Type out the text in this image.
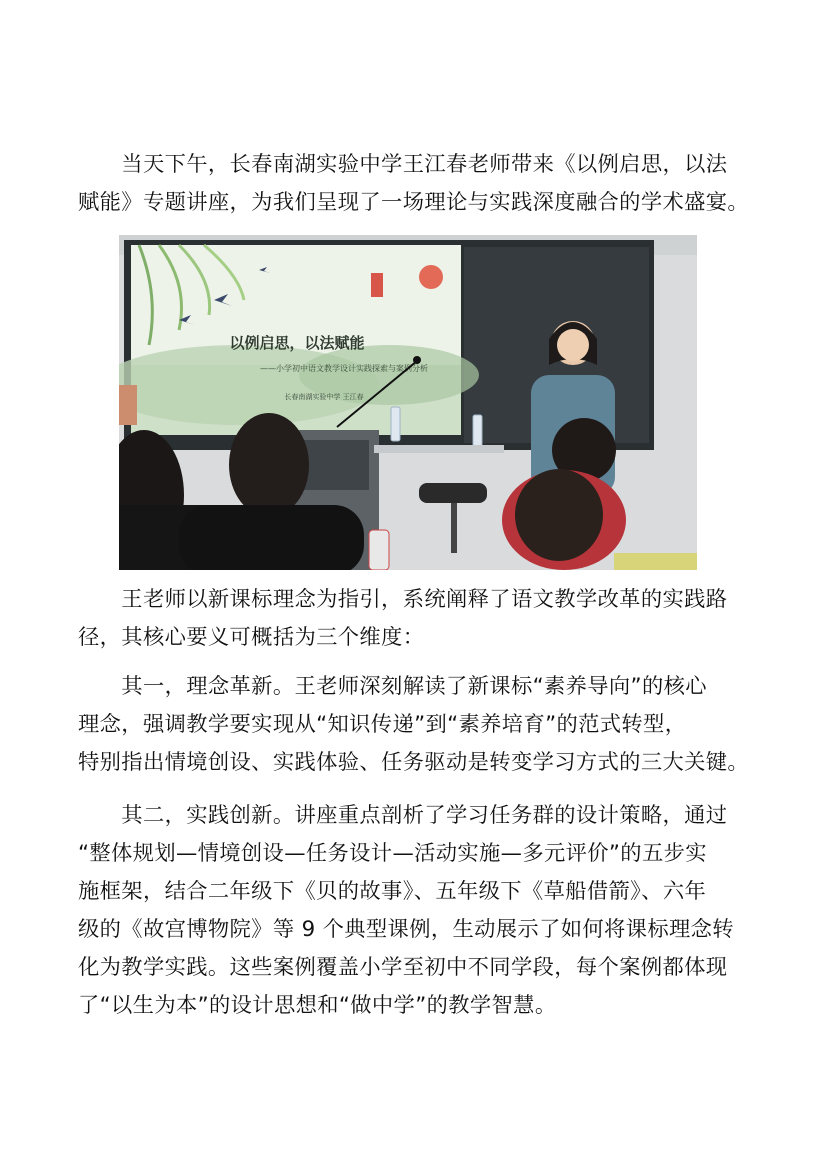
　　当天下午，长春南湖实验中学王江春老师带来《以例启思，以法
赋能》专题讲座，为我们呈现了一场理论与实践深度融合的学术盛宴。
以例启思，以法赋能
——小学初中语文教学设计实践探索与案例分析
长春南湖实验中学 王江春
　　王老师以新课标理念为指引，系统阐释了语文教学改革的实践路
径，其核心要义可概括为三个维度：
　　其一，理念革新。王老师深刻解读了新课标“素养导向”的核心
理念，强调教学要实现从“知识传递”到“素养培育”的范式转型，
特别指出情境创设、实践体验、任务驱动是转变学习方式的三大关键。
　　其二，实践创新。讲座重点剖析了学习任务群的设计策略，通过
“整体规划—情境创设—任务设计—活动实施—多元评价”的五步实
施框架，结合二年级下《贝的故事》、五年级下《草船借箭》、六年
级的《故宫博物院》等 9 个典型课例，生动展示了如何将课标理念转
化为教学实践。这些案例覆盖小学至初中不同学段，每个案例都体现
了“以生为本”的设计思想和“做中学”的教学智慧。
